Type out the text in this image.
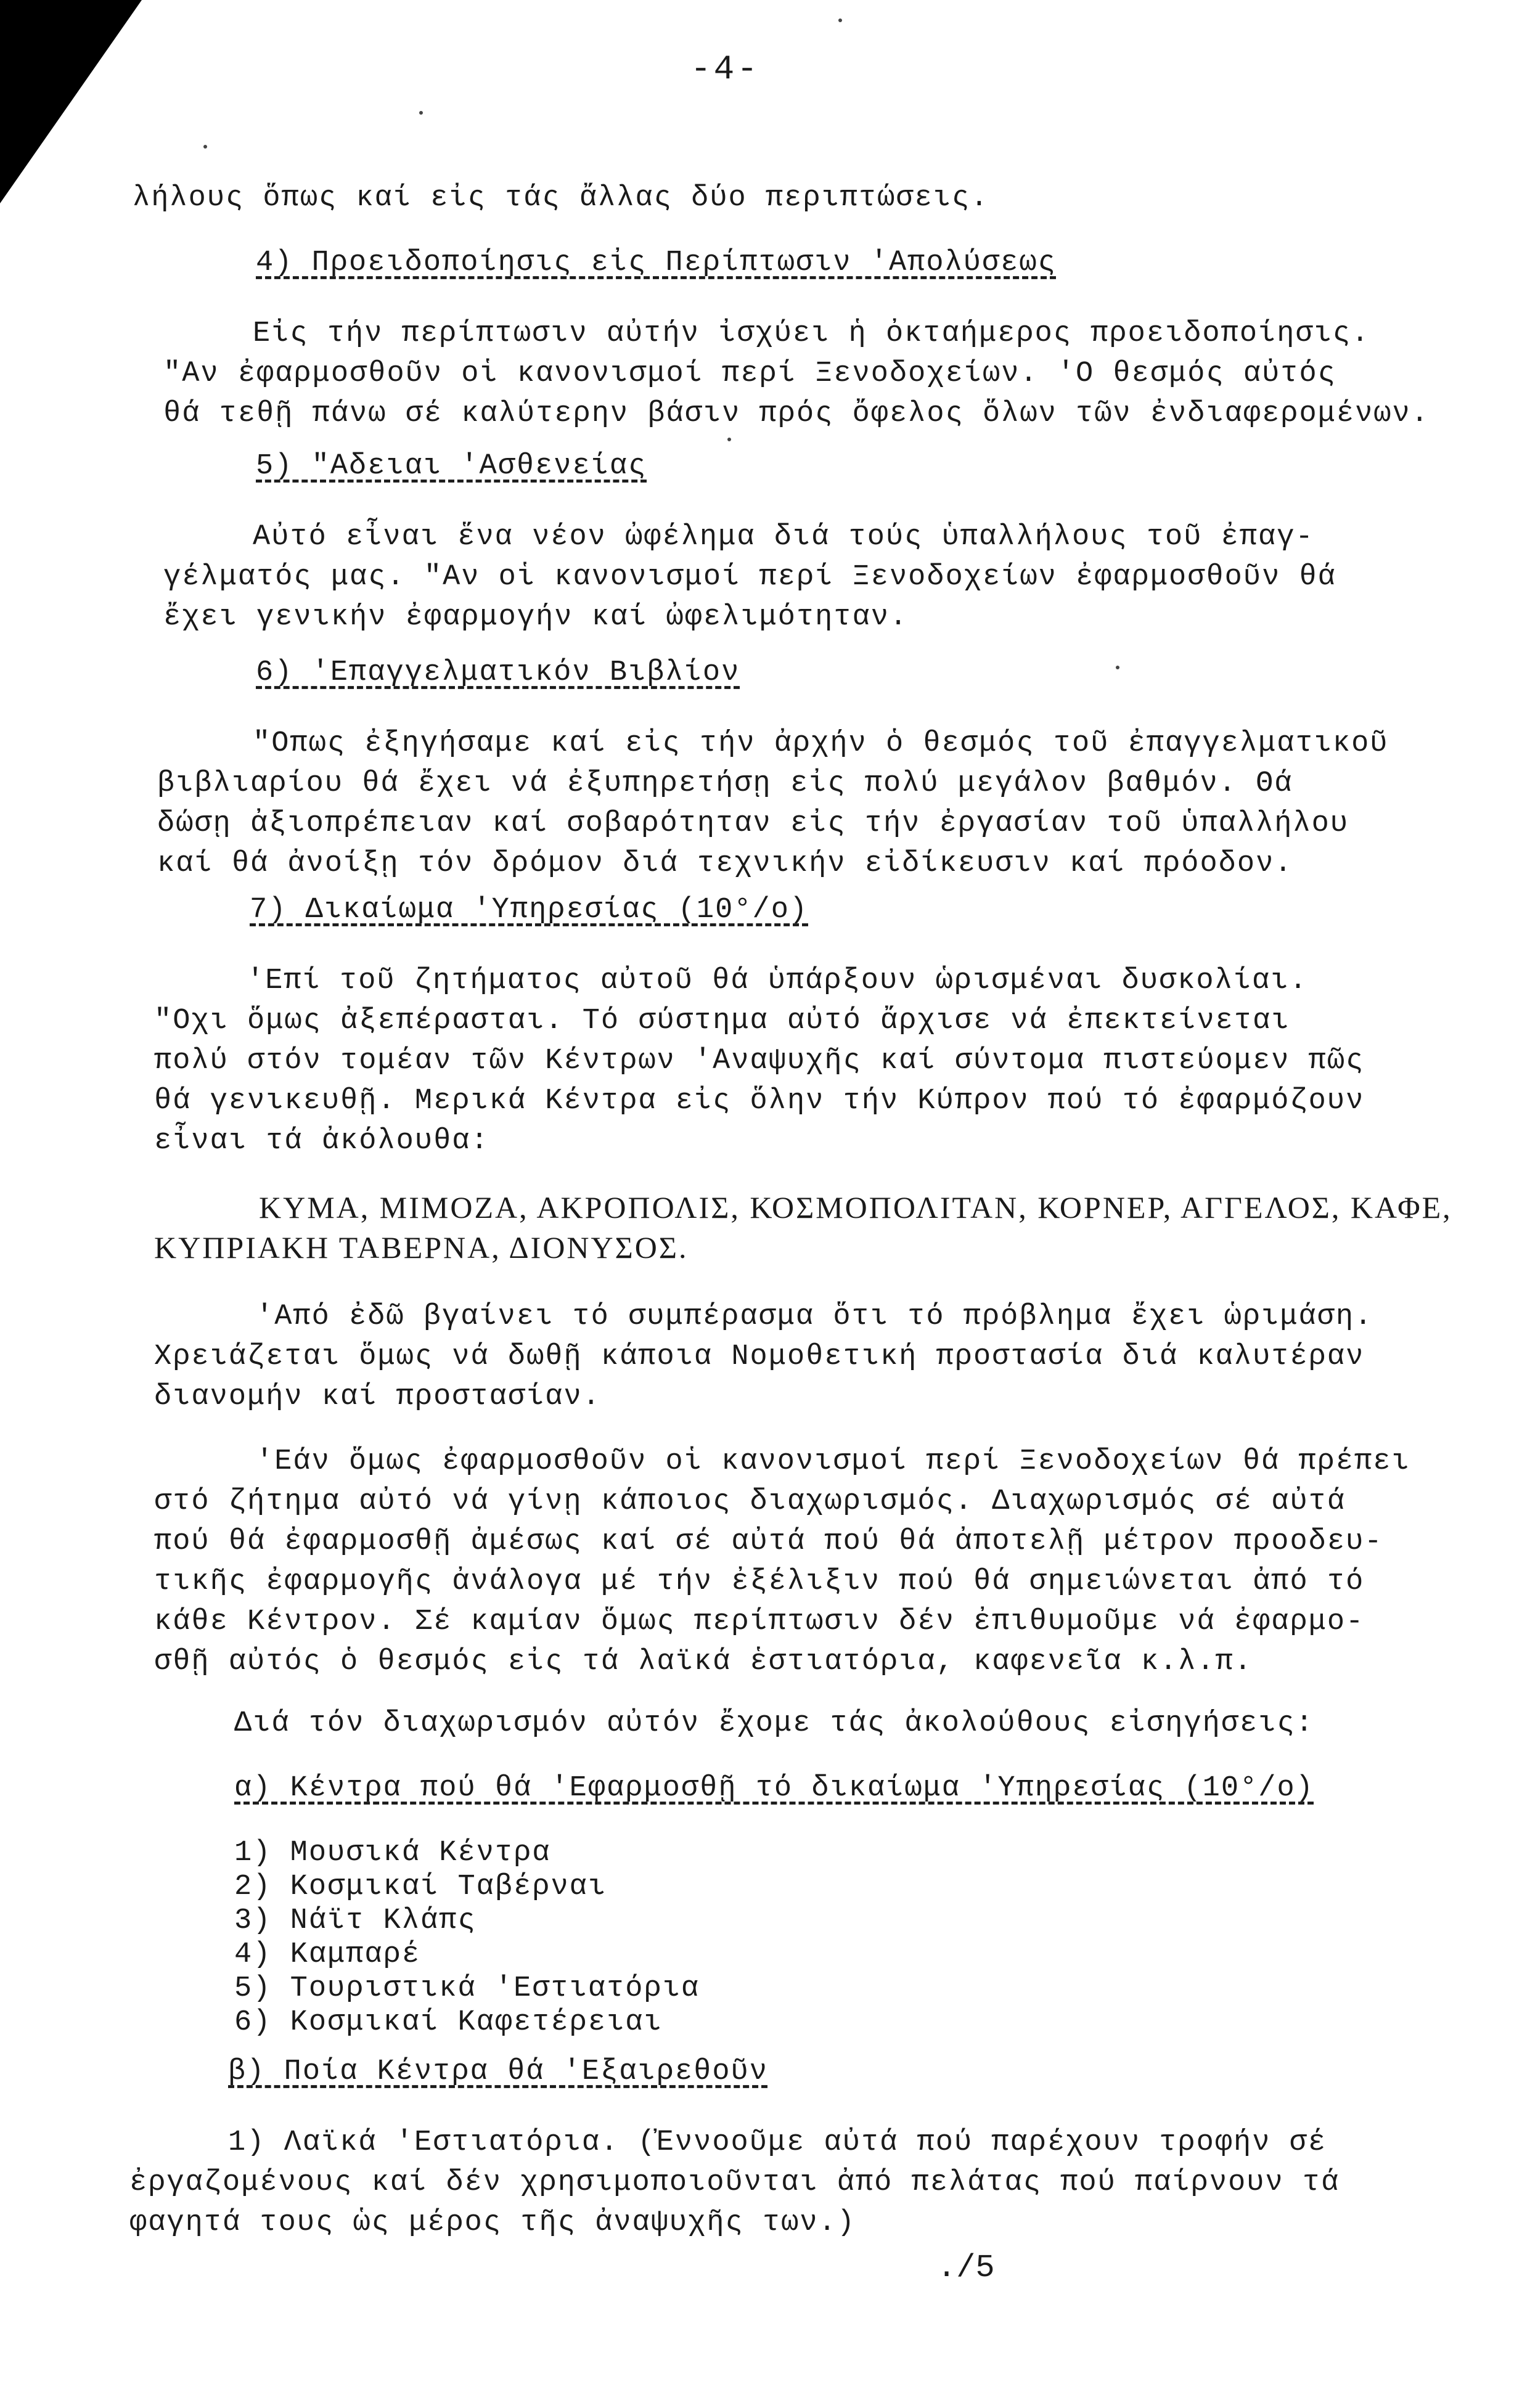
-4-
λήλους ὅπως καί εἰς τάς ἄλλας δύο περιπτώσεις.
4) Προειδοποίησις εἰς Περίπτωσιν 'Απολύσεως
Εἰς τήν περίπτωσιν αὐτήν ἰσχύει ἡ ὀκταήμερος προειδοποίησις.
"Αν ἐφαρμοσθοῦν οἱ κανονισμοί περί Ξενοδοχείων. 'Ο θεσμός αὐτός
θά τεθῇ πάνω σέ καλύτερην βάσιν πρός ὄφελος ὅλων τῶν ἐνδιαφερομένων.
5) "Αδειαι 'Ασθενείας
Αὐτό εἶναι ἕνα νέον ὠφέλημα διά τούς ὑπαλλήλους τοῦ ἐπαγ-
γέλματός μας. "Αν οἱ κανονισμοί περί Ξενοδοχείων ἐφαρμοσθοῦν θά
ἔχει γενικήν ἐφαρμογήν καί ὠφελιμότηταν.
6) 'Επαγγελματικόν Βιβλίον
"Οπως ἐξηγήσαμε καί εἰς τήν ἀρχήν ὁ θεσμός τοῦ ἐπαγγελματικοῦ
βιβλιαρίου θά ἔχει νά ἐξυπηρετήσῃ εἰς πολύ μεγάλον βαθμόν. Θά
δώσῃ ἀξιοπρέπειαν καί σοβαρότηταν εἰς τήν ἐργασίαν τοῦ ὑπαλλήλου
καί θά ἀνοίξῃ τόν δρόμον διά τεχνικήν εἰδίκευσιν καί πρόοδον.
7) Δικαίωμα 'Υπηρεσίας (10°/o)
'Επί τοῦ ζητήματος αὐτοῦ θά ὑπάρξουν ὡρισμέναι δυσκολίαι.
"Οχι ὅμως ἀξεπέρασται. Τό σύστημα αὐτό ἄρχισε νά ἐπεκτείνεται
πολύ στόν τομέαν τῶν Κέντρων 'Αναψυχῆς καί σύντομα πιστεύομεν πῶς
θά γενικευθῇ. Μερικά Κέντρα εἰς ὅλην τήν Κύπρον πού τό ἐφαρμόζουν
εἶναι τά ἀκόλουθα:
ΚΥΜΑ, ΜΙΜΟΖΑ, ΑΚΡΟΠΟΛΙΣ, ΚΟΣΜΟΠΟΛΙΤΑΝ, ΚΟΡΝΕΡ, ΑΓΓΕΛΟΣ, ΚΑΦΕ,
ΚΥΠΡΙΑΚΗ ΤΑΒΕΡΝΑ, ΔΙΟΝΥΣΟΣ.
'Από ἐδῶ βγαίνει τό συμπέρασμα ὅτι τό πρόβλημα ἔχει ὡριμάση.
Χρειάζεται ὅμως νά δωθῇ κάποια Νομοθετική προστασία διά καλυτέραν
διανομήν καί προστασίαν.
'Εάν ὅμως ἐφαρμοσθοῦν οἱ κανονισμοί περί Ξενοδοχείων θά πρέπει
στό ζήτημα αὐτό νά γίνῃ κάποιος διαχωρισμός. Διαχωρισμός σέ αὐτά
πού θά ἐφαρμοσθῇ ἀμέσως καί σέ αὐτά πού θά ἀποτελῇ μέτρον προοδευ-
τικῆς ἐφαρμογῆς ἀνάλογα μέ τήν ἐξέλιξιν πού θά σημειώνεται ἀπό τό
κάθε Κέντρον. Σέ καμίαν ὅμως περίπτωσιν δέν ἐπιθυμοῦμε νά ἐφαρμο-
σθῇ αὐτός ὁ θεσμός εἰς τά λαϊκά ἑστιατόρια, καφενεῖα κ.λ.π.
Διά τόν διαχωρισμόν αὐτόν ἔχομε τάς ἀκολούθους εἰσηγήσεις:
α) Κέντρα πού θά 'Εφαρμοσθῇ τό δικαίωμα 'Υπηρεσίας (10°/o)
1) Μουσικά Κέντρα
2) Κοσμικαί Ταβέρναι
3) Νάϊτ Κλάπς
4) Καμπαρέ
5) Τουριστικά 'Εστιατόρια
6) Κοσμικαί Καφετέρειαι
β) Ποία Κέντρα θά 'Εξαιρεθοῦν
1) Λαϊκά 'Εστιατόρια. (Ἐννοοῦμε αὐτά πού παρέχουν τροφήν σέ
ἐργαζομένους καί δέν χρησιμοποιοῦνται ἀπό πελάτας πού παίρνουν τά
φαγητά τους ὡς μέρος τῆς ἀναψυχῆς των.)
./5
